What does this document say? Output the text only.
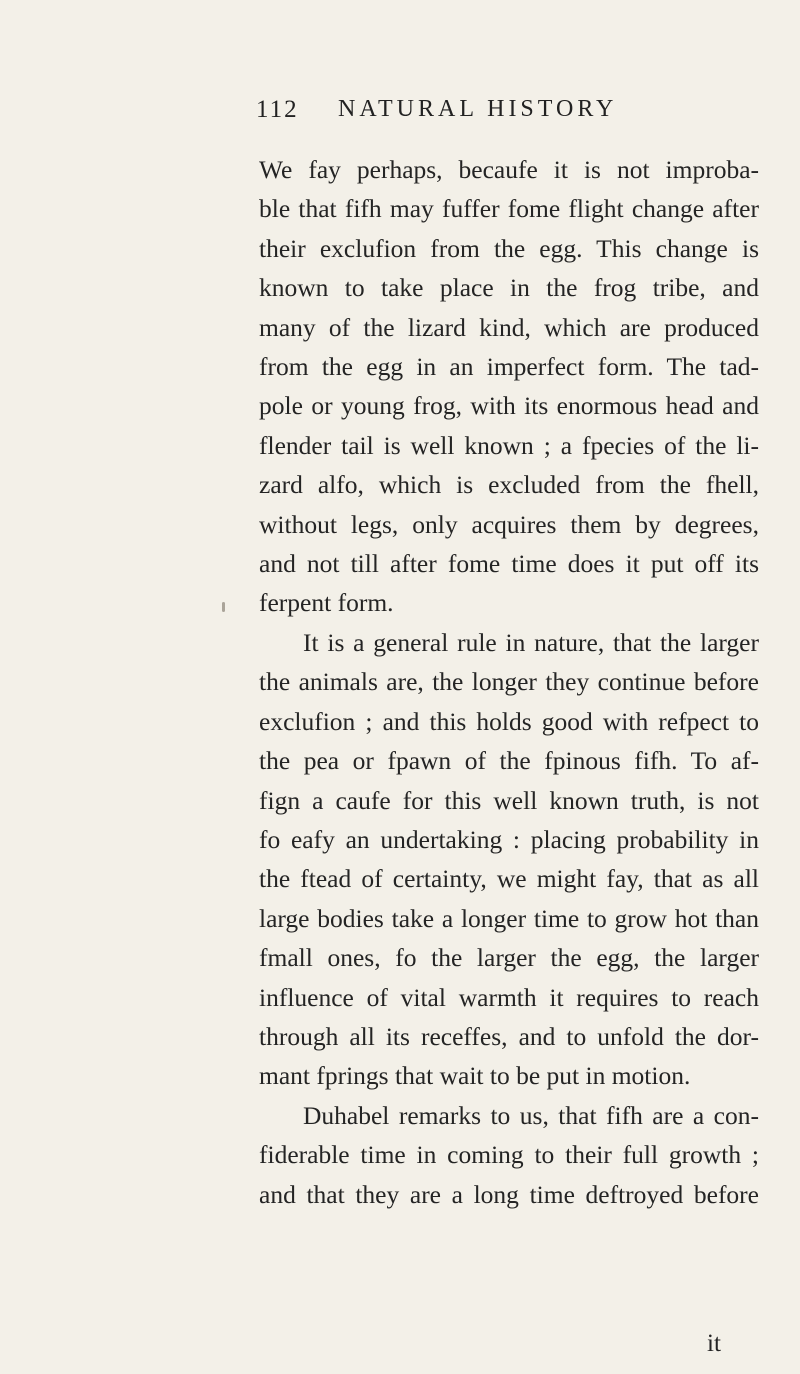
112 NATURAL HISTORY
We fay perhaps, becaufe it is not improba-
ble that fifh may fuffer fome flight change after
their exclufion from the egg. This change is
known to take place in the frog tribe, and
many of the lizard kind, which are produced
from the egg in an imperfect form. The tad-
pole or young frog, with its enormous head and
flender tail is well known ; a fpecies of the li-
zard alfo, which is excluded from the fhell,
without legs, only acquires them by degrees,
and not till after fome time does it put off its
ferpent form.
It is a general rule in nature, that the larger
the animals are, the longer they continue before
exclufion ; and this holds good with refpect to
the pea or fpawn of the fpinous fifh. To af-
fign a caufe for this well known truth, is not
fo eafy an undertaking : placing probability in
the ftead of certainty, we might fay, that as all
large bodies take a longer time to grow hot than
fmall ones, fo the larger the egg, the larger
influence of vital warmth it requires to reach
through all its receffes, and to unfold the dor-
mant fprings that wait to be put in motion.
Duhabel remarks to us, that fifh are a con-
fiderable time in coming to their full growth ;
and that they are a long time deftroyed before
it
